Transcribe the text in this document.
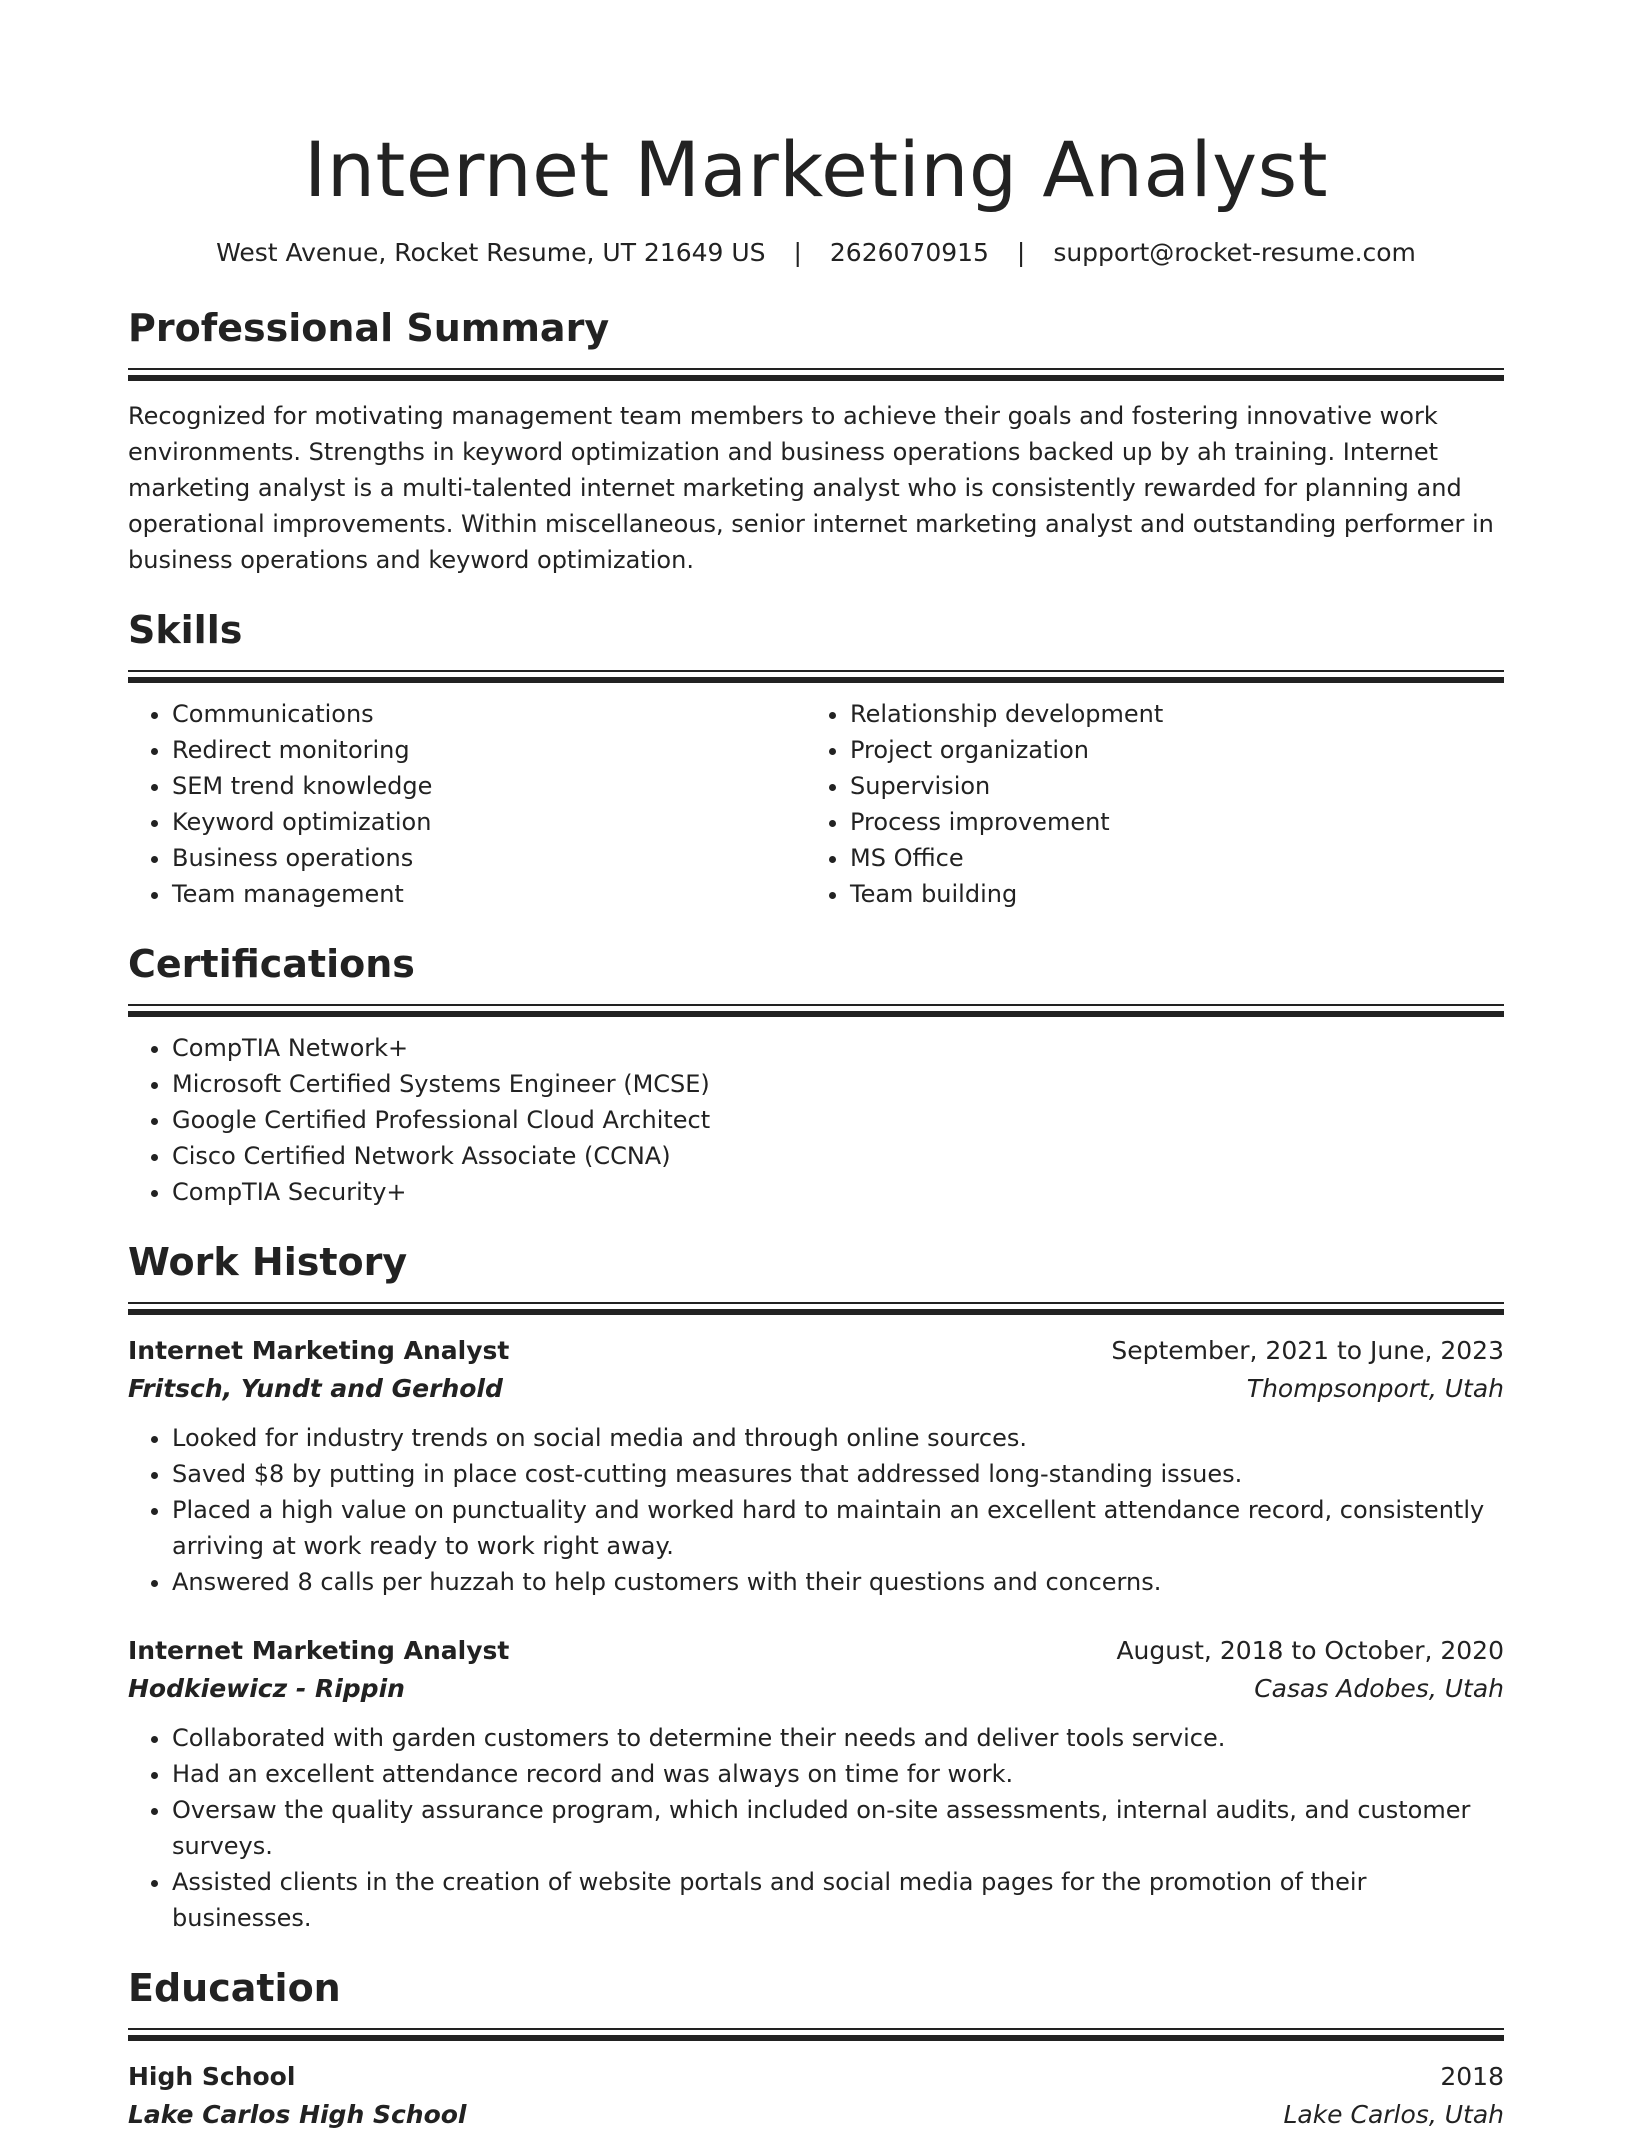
Internet Marketing Analyst
West Avenue, Rocket Resume, UT 21649 US | 2626070915 | support@rocket-resume.com
Professional Summary

Recognized for motivating management team members to achieve their goals and fostering innovative work environments. Strengths in keyword optimization and business operations backed up by ah training. Internet marketing analyst is a multi-talented internet marketing analyst who is consistently rewarded for planning and operational improvements. Within miscellaneous, senior internet marketing analyst and outstanding performer in business operations and keyword optimization.

Skills
• Communications
• Redirect monitoring
• SEM trend knowledge
• Keyword optimization
• Business operations
• Team management
• Relationship development
• Project organization
• Supervision
• Process improvement
• MS Office
• Team building
Certifications
• CompTIA Network+
• Microsoft Certified Systems Engineer (MCSE)
• Google Certified Professional Cloud Architect
• Cisco Certified Network Associate (CCNA)
• CompTIA Security+
Work History
Internet Marketing Analyst	September, 2021 to June, 2023
Fritsch, Yundt and Gerhold	Thompsonport, Utah
• Looked for industry trends on social media and through online sources.
• Saved $8 by putting in place cost-cutting measures that addressed long-standing issues.
• Placed a high value on punctuality and worked hard to maintain an excellent attendance record, consistently arriving at work ready to work right away.
• Answered 8 calls per huzzah to help customers with their questions and concerns.
Internet Marketing Analyst	August, 2018 to October, 2020
Hodkiewicz - Rippin	Casas Adobes, Utah
• Collaborated with garden customers to determine their needs and deliver tools service.
• Had an excellent attendance record and was always on time for work.
• Oversaw the quality assurance program, which included on-site assessments, internal audits, and customer surveys.
• Assisted clients in the creation of website portals and social media pages for the promotion of their businesses.
Education
High School	2018
Lake Carlos High School	Lake Carlos, Utah
